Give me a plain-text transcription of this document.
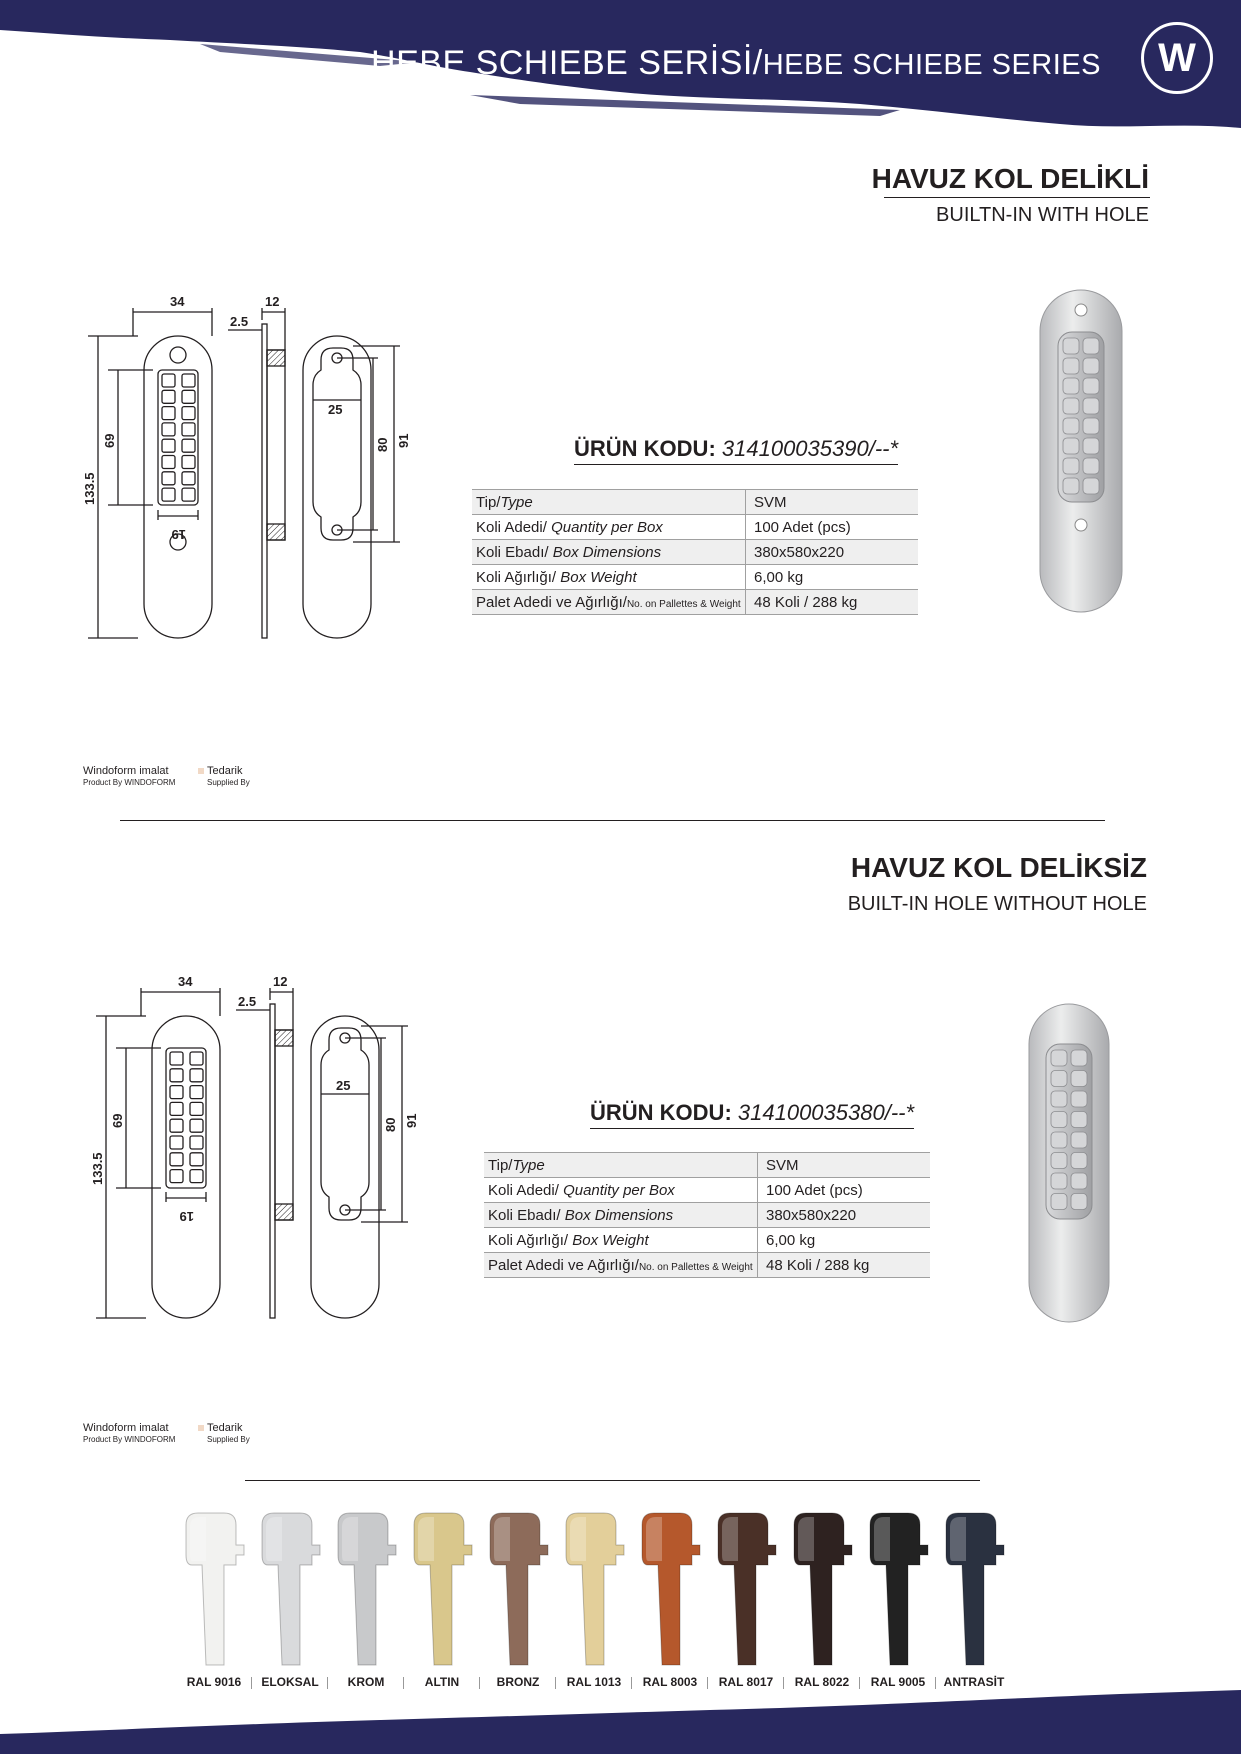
HEBE SCHIEBE SERİSİ/HEBE SCHIEBE SERIES W
HAVUZ KOL DELİKLİ
BUILTN-IN WITH HOLE
34	12
2.5
133.5
69
19
25
80 91	ÜRÜN KODU: 314100035390/--*
Tip/Type	SVM
Koli Adedi/ Quantity per Box	100 Adet (pcs)
Koli Ebadı/ Box Dimensions	380x580x220
Koli Ağırlığı/ Box Weight	6,00 kg
Palet Adedi ve Ağırlığı/No. on Pallettes & Weight	48 Koli / 288 kg
Windoform imalat
Product By WINDOFORM
Tedarik
Supplied By
HAVUZ KOL DELİKSİZ
BUILT-IN HOLE WITHOUT HOLE
34	12
2.5
133.5
69
19
25
80 91	ÜRÜN KODU: 314100035380/--*
Tip/Type	SVM
Koli Adedi/ Quantity per Box	100 Adet (pcs)
Koli Ebadı/ Box Dimensions	380x580x220
Koli Ağırlığı/ Box Weight	6,00 kg
Palet Adedi ve Ağırlığı/No. on Pallettes & Weight	48 Koli / 288 kg
Windoform imalat
Product By WINDOFORM
Tedarik
Supplied By
RAL 9016	ELOKSAL	KROM	ALTIN	BRONZ	RAL 1013	RAL 8003	RAL 8017	RAL 8022	RAL 9005	ANTRASİT
